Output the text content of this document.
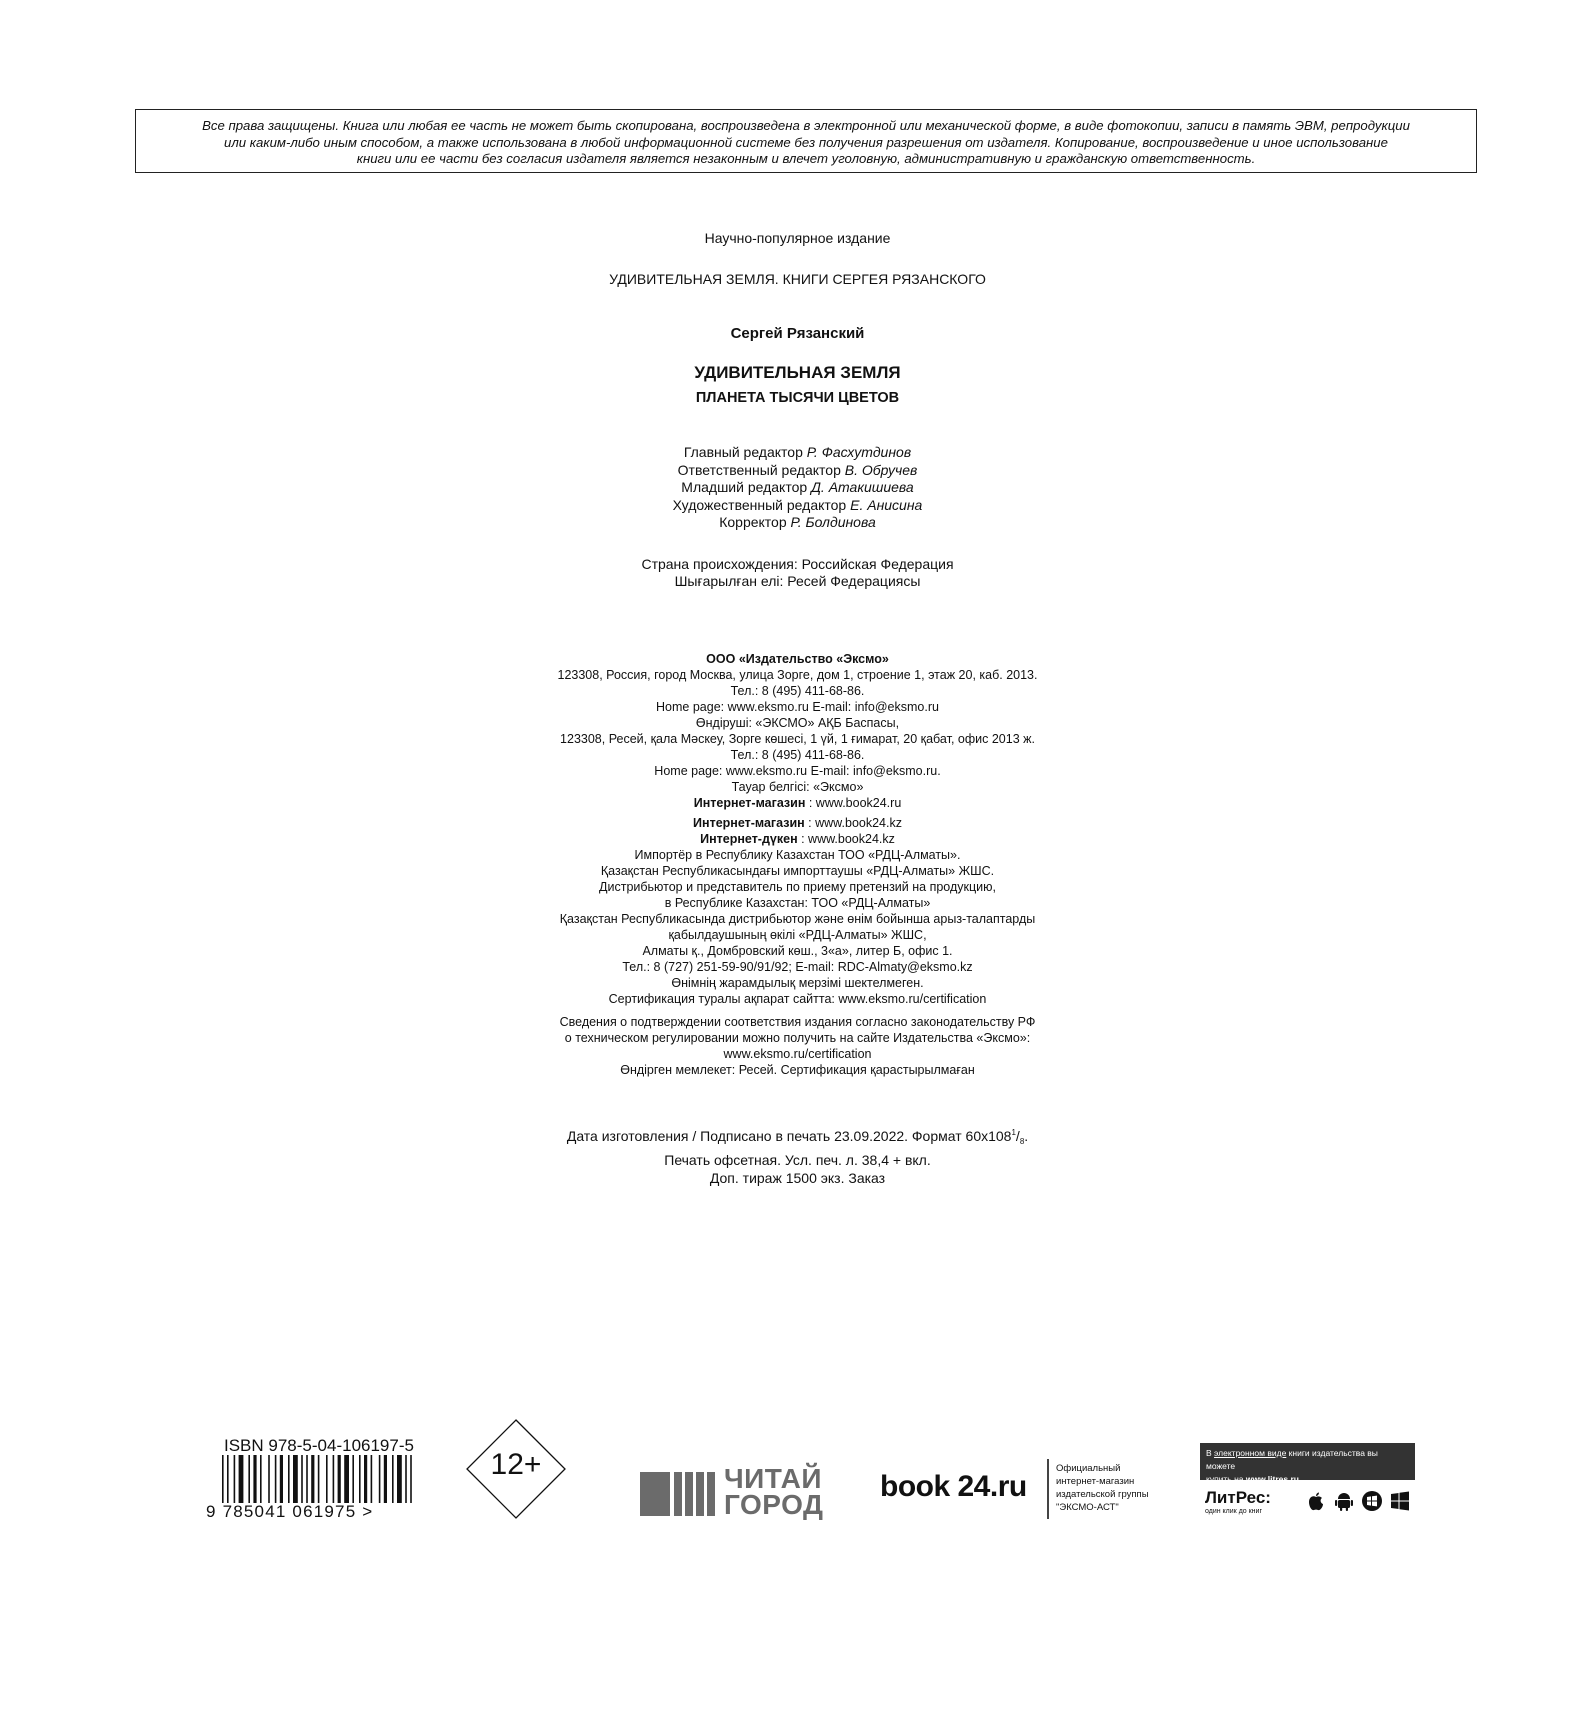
Все права защищены. Книга или любая ее часть не может быть скопирована, воспроизведена в электронной или механической форме, в виде фотокопии, записи в память ЭВМ, репродукции
или каким-либо иным способом, а также использована в любой информационной системе без получения разрешения от издателя. Копирование, воспроизведение и иное использование
книги или ее части без согласия издателя является незаконным и влечет уголовную, административную и гражданскую ответственность.
Научно-популярное издание
УДИВИТЕЛЬНАЯ ЗЕМЛЯ. КНИГИ СЕРГЕЯ РЯЗАНСКОГО
Сергей Рязанский
УДИВИТЕЛЬНАЯ ЗЕМЛЯ
ПЛАНЕТА ТЫСЯЧИ ЦВЕТОВ
Главный редактор Р. Фасхутдинов
Ответственный редактор В. Обручев
Младший редактор Д. Атакишиева
Художественный редактор Е. Анисина
Корректор Р. Болдинова
Страна происхождения: Российская Федерация
Шығарылған елі: Ресей Федерациясы
ООО «Издательство «Эксмо»
123308, Россия, город Москва, улица Зорге, дом 1, строение 1, этаж 20, каб. 2013.
Тел.: 8 (495) 411-68-86.
Home page: www.eksmo.ru E-mail: info@eksmo.ru
Өндіруші: «ЭКСМО» АҚБ Баспасы,
123308, Ресей, қала Мәскеу, Зорге көшесі, 1 үй, 1 ғимарат, 20 қабат, офис 2013 ж.
Тел.: 8 (495) 411-68-86.
Home page: www.eksmo.ru E-mail: info@eksmo.ru.
Тауар белгісі: «Эксмо»
Интернет-магазин : www.book24.ru
Интернет-магазин : www.book24.kz
Интернет-дүкен : www.book24.kz
Импортёр в Республику Казахстан ТОО «РДЦ-Алматы».
Қазақстан Республикасындағы импорттаушы «РДЦ-Алматы» ЖШС.
Дистрибьютор и представитель по приему претензий на продукцию,
в Республике Казахстан: ТОО «РДЦ-Алматы»
Қазақстан Республикасында дистрибьютор және өнім бойынша арыз-талаптарды
қабылдаушының өкілі «РДЦ-Алматы» ЖШС,
Алматы қ., Домбровский көш., 3«а», литер Б, офис 1.
Тел.: 8 (727) 251-59-90/91/92; E-mail: RDC-Almaty@eksmo.kz
Өнімнің жарамдылық мерзімі шектелмеген.
Сертификация туралы ақпарат сайтта: www.eksmo.ru/certification
Сведения о подтверждении соответствия издания согласно законодательству РФ
о техническом регулировании можно получить на сайте Издательства «Эксмо»:
www.eksmo.ru/certification
Өндірген мемлекет: Ресей. Сертификация қарастырылмаған
Дата изготовления / Подписано в печать 23.09.2022. Формат $60x108^1/_8$.
Печать офсетная. Усл. печ. л. 38,4 + вкл.
Доп. тираж 1500 экз. Заказ
ISBN 978-5-04-106197-5
9 785041 061975 >
12+	ЧИТАЙ
ГОРОД
book 24.ru
Официальный
интернет-магазин
издательской группы
"ЭКСМО-АСТ"
В электронном виде книги издательства вы можете
купить на www.litres.ru
ЛитРес:
один клик до книг
